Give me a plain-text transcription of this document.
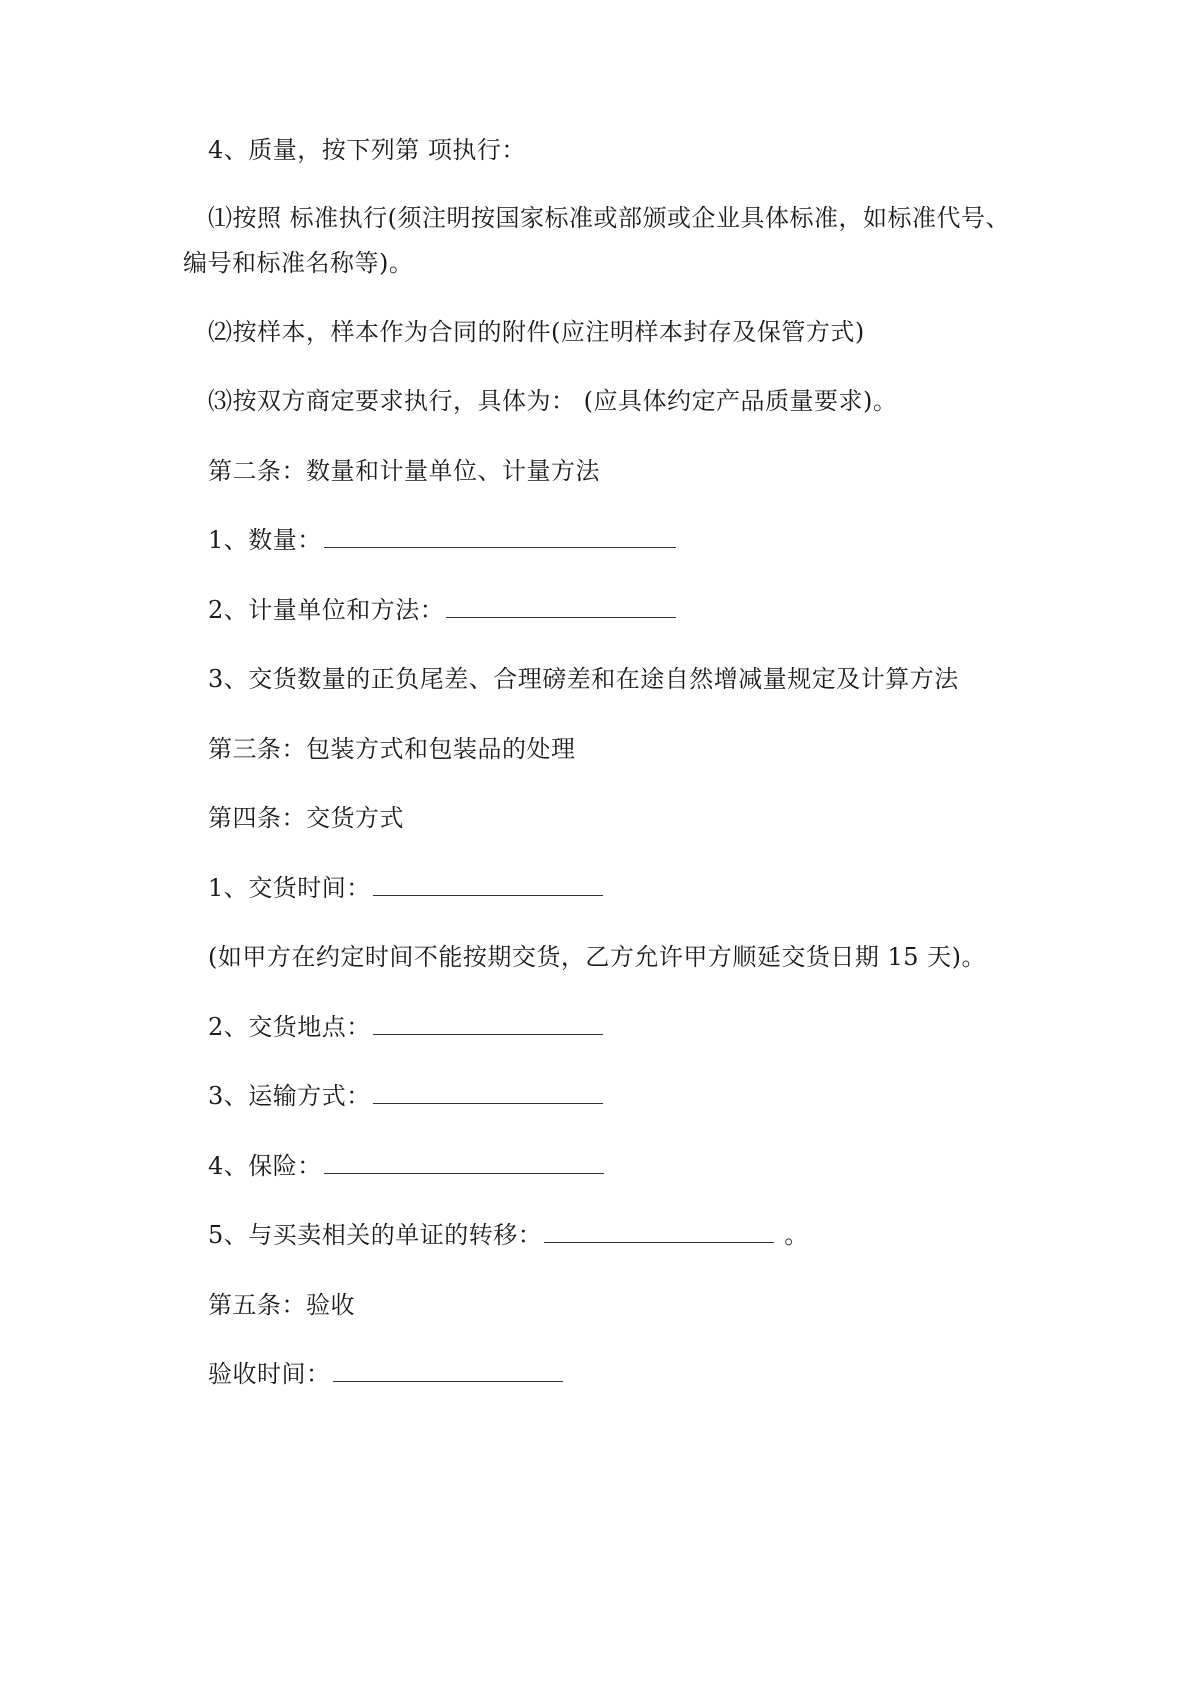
4、质量，按下列第 项执行：
⑴按照 标准执行(须注明按国家标准或部颁或企业具体标准，如标准代号、
编号和标准名称等)。
⑵按样本，样本作为合同的附件(应注明样本封存及保管方式)
⑶按双方商定要求执行，具体为： (应具体约定产品质量要求)。
第二条：数量和计量单位、计量方法
1、数量：
2、计量单位和方法：
3、交货数量的正负尾差、合理磅差和在途自然增减量规定及计算方法
第三条：包装方式和包装品的处理
第四条：交货方式
1、交货时间：
(如甲方在约定时间不能按期交货，乙方允许甲方顺延交货日期 15 天)。
2、交货地点：
3、运输方式：
4、保险：
5、与买卖相关的单证的转移：	。
第五条：验收
验收时间：
